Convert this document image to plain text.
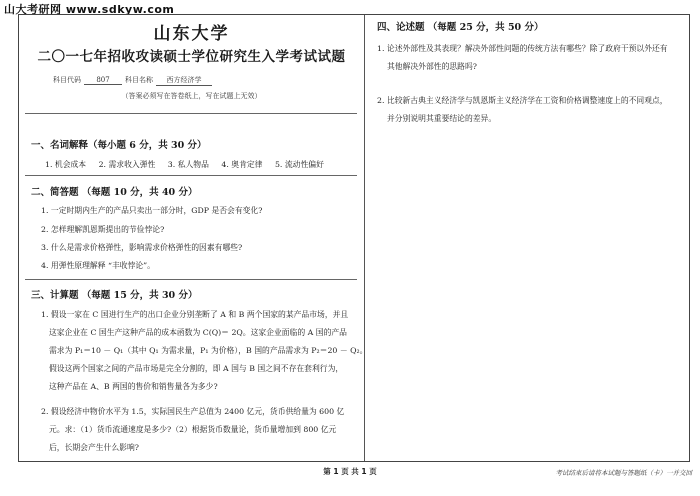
山大考研网 www.sdkyw.com
山东大学
二〇一七年招收攻读硕士学位研究生入学考试试题
科目代码 807 科目名称 西方经济学
（答案必须写在答卷纸上，写在试题上无效）
一、名词解释（每小题 6 分，共 30 分）
1. 机会成本 2. 需求收入弹性 3. 私人物品 4. 奥肯定律 5. 流动性偏好
二、简答题 （每题 10 分，共 40 分）
1. 一定时期内生产的产品只卖出一部分时，GDP 是否会有变化?
2. 怎样理解凯恩斯提出的节俭悖论?
3. 什么是需求价格弹性，影响需求价格弹性的因素有哪些?
4. 用弹性原理解释 “丰收悖论”。
三、计算题 （每题 15 分，共 30 分）
1. 假设一家在 C 国进行生产的出口企业分别垄断了 A 和 B 两个国家的某产品市场，并且
这家企业在 C 国生产这种产品的成本函数为 C(Q)＝ 2Q。这家企业面临的 A 国的产品
需求为 P₁＝10 － Q₁（其中 Q₁ 为需求量，P₁ 为价格），B 国的产品需求为 P₂＝20 － Q₂。
假设这两个国家之间的产品市场是完全分割的，即 A 国与 B 国之间不存在套利行为，
这种产品在 A、B 两国的售价和销售量各为多少?
2. 假设经济中物价水平为 1.5，实际国民生产总值为 2400 亿元，货币供给量为 600 亿
元。求：（1）货币流通速度是多少?（2）根据货币数量论，货币量增加到 800 亿元
后，长期会产生什么影响?
四、论述题 （每题 25 分，共 50 分）
1. 论述外部性及其表现？解决外部性问题的传统方法有哪些？除了政府干预以外还有
其他解决外部性的思路吗?
2. 比较新古典主义经济学与凯恩斯主义经济学在工资和价格调整速度上的不同观点，
并分别说明其重要结论的差异。
第 1 页 共 1 页	考试结束后请将本试题与答题纸（卡）一并交回
